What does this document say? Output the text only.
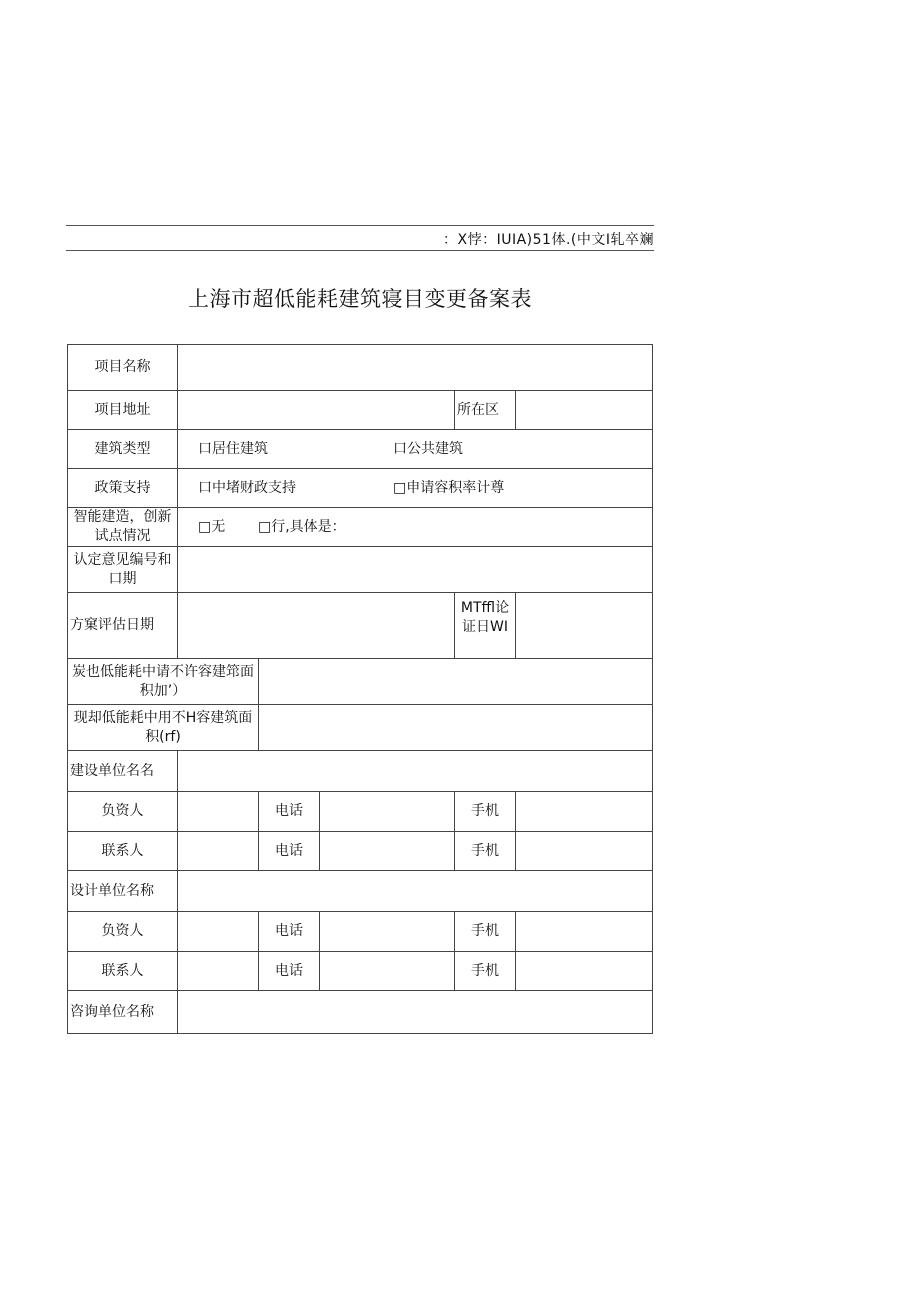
：X悖：IUIA)51体.(中文I轧卒斓
上海市超低能耗建筑寝目变更备案表
项目名称					
项目地址				所在区	
建筑类型	口居住建筑 口公共建筑				
政策支持	口中堵财政支持 □申请容积率计尊				
智能建造，创新试点情况	□无 □行,具体是：				
认定意见编号和口期					
方窠评估日期				MTffl论证日WI	
炭也低能耗中请不许容建筇面积加’）					
现却低能耗中用不H容建筑面积(rf)					
建设单位名名					
负资人		电话		手机	
联系人		电话		手机	
设计单位名称					
负资人		电话		手机	
联系人		电话		手机	
咨询单位名称					
